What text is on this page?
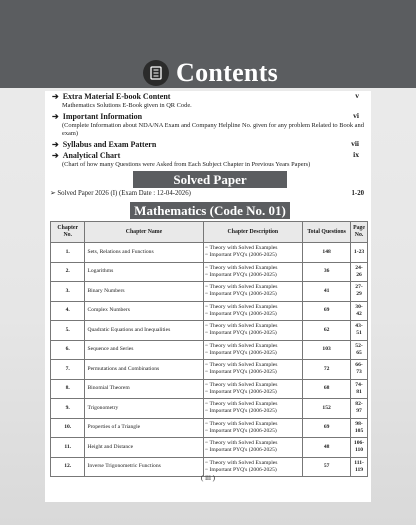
Contents
➔ Extra Material E-book Content
Mathematics Solutions E-Book given in QR Code.
v
➔ Important Information
(Complete Information about NDA/NA Exam and Company Helpline No. given for any problem Related to Book and exam)
vi
➔ Syllabus and Exam Pattern	vii
➔ Analytical Chart
(Chart of how many Questions were Asked from Each Subject Chapter in Previous Years Papers)
ix
Solved Paper
➢ Solved Paper 2026 (I) (Exam Date : 12-04-2026)	1-20
Mathematics (Code No. 01)
Chapter No.	Chapter Name	Chapter Description	Total Questions	Page No.
1.	Sets, Relations and Functions	▫ Theory with Solved Examples
▫ Important PYQ's (2006-2025)	148	1-23
2.	Logarithms	▫ Theory with Solved Examples
▫ Important PYQ's (2006-2025)	36	24-26
3.	Binary Numbers	▫ Theory with Solved Examples
▫ Important PYQ's (2006-2025)	41	27-29
4.	Complex Numbers	▫ Theory with Solved Examples
▫ Important PYQ's (2006-2025)	69	30-42
5.	Quadratic Equations and Inequalities	▫ Theory with Solved Examples
▫ Important PYQ's (2006-2025)	62	43-51
6.	Sequence and Series	▫ Theory with Solved Examples
▫ Important PYQ's (2006-2025)	103	52-65
7.	Permutations and Combinations	▫ Theory with Solved Examples
▫ Important PYQ's (2006-2025)	72	66-73
8.	Binomial Theorem	▫ Theory with Solved Examples
▫ Important PYQ's (2006-2025)	68	74-81
9.	Trigonometry	▫ Theory with Solved Examples
▫ Important PYQ's (2006-2025)	152	82-97
10.	Properties of a Triangle	▫ Theory with Solved Examples
▫ Important PYQ's (2006-2025)	69	98-105
11.	Height and Distance	▫ Theory with Solved Examples
▫ Important PYQ's (2006-2025)	48	106-110
12.	Inverse Trigonometric Functions	▫ Theory with Solved Examples
▫ Important PYQ's (2006-2025)	57	111-119
( iii )
